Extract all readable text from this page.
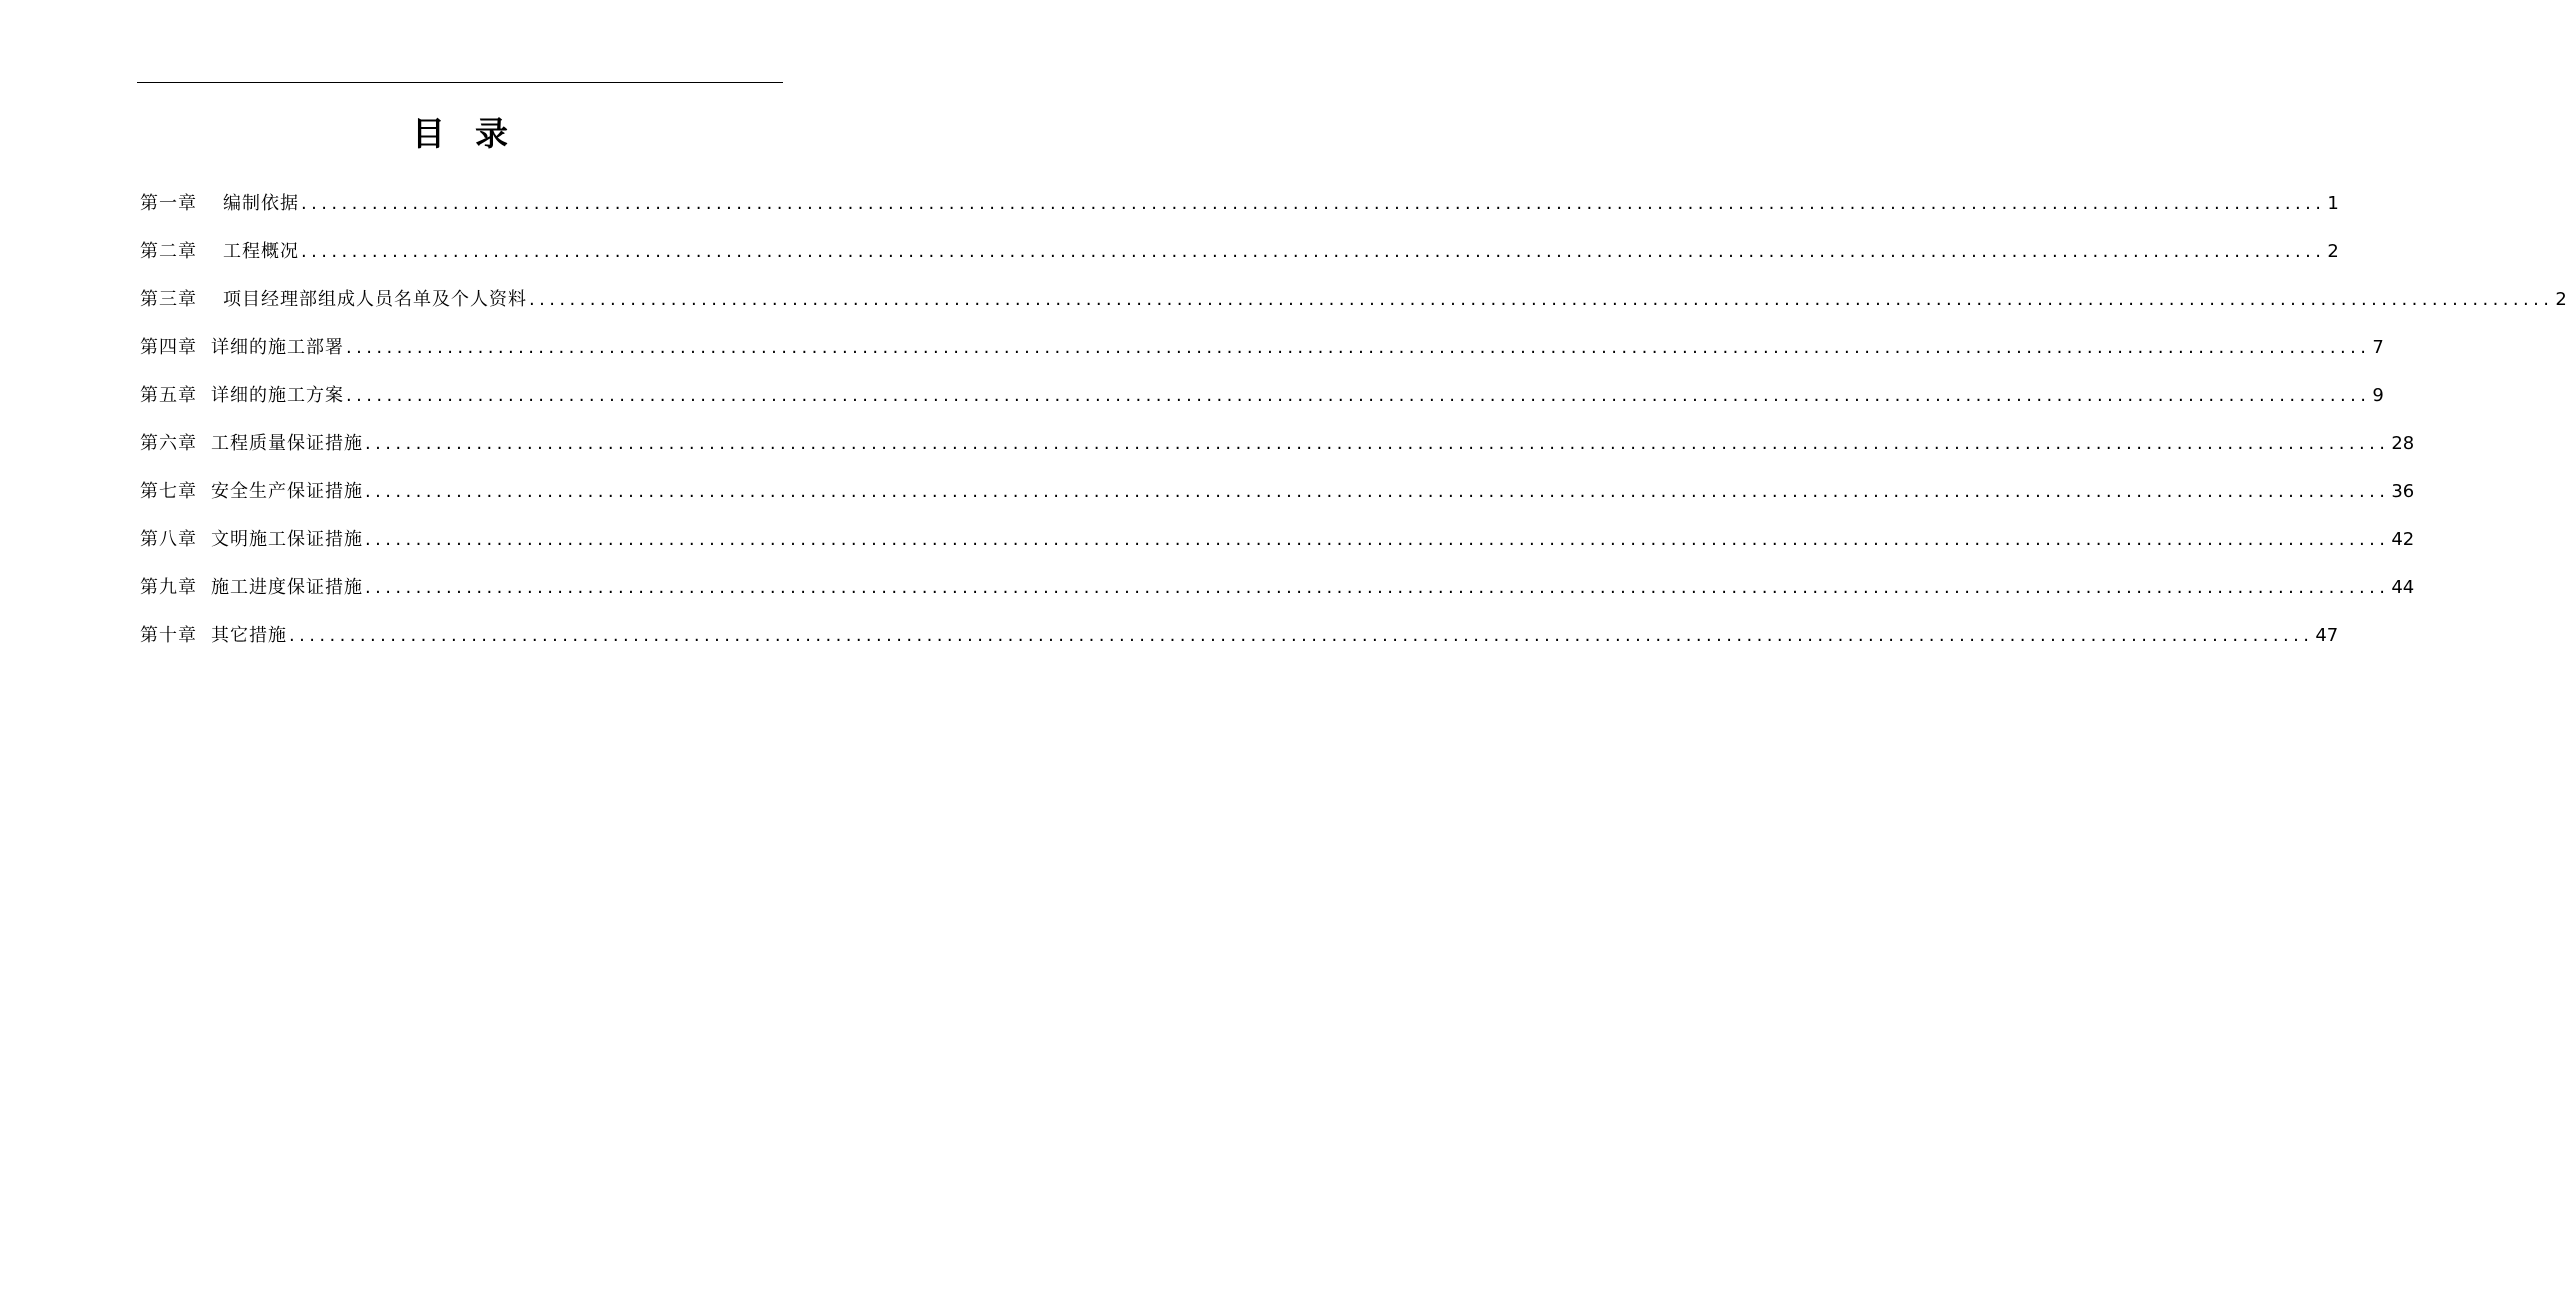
目录
第一章 编制依据 ........................................................................................................................................................................................................ 1
第二章 工程概况 ........................................................................................................................................................................................................ 2
第三章 项目经理部组成人员名单及个人资料 ........................................................................................................................................................................................................ 2
第四章 详细的施工部署 ........................................................................................................................................................................................................ 7
第五章 详细的施工方案 ........................................................................................................................................................................................................ 9
第六章 工程质量保证措施 ........................................................................................................................................................................................................ 28
第七章 安全生产保证措施 ........................................................................................................................................................................................................ 36
第八章 文明施工保证措施 ........................................................................................................................................................................................................ 42
第九章 施工进度保证措施 ........................................................................................................................................................................................................ 44
第十章 其它措施 ........................................................................................................................................................................................................ 47
